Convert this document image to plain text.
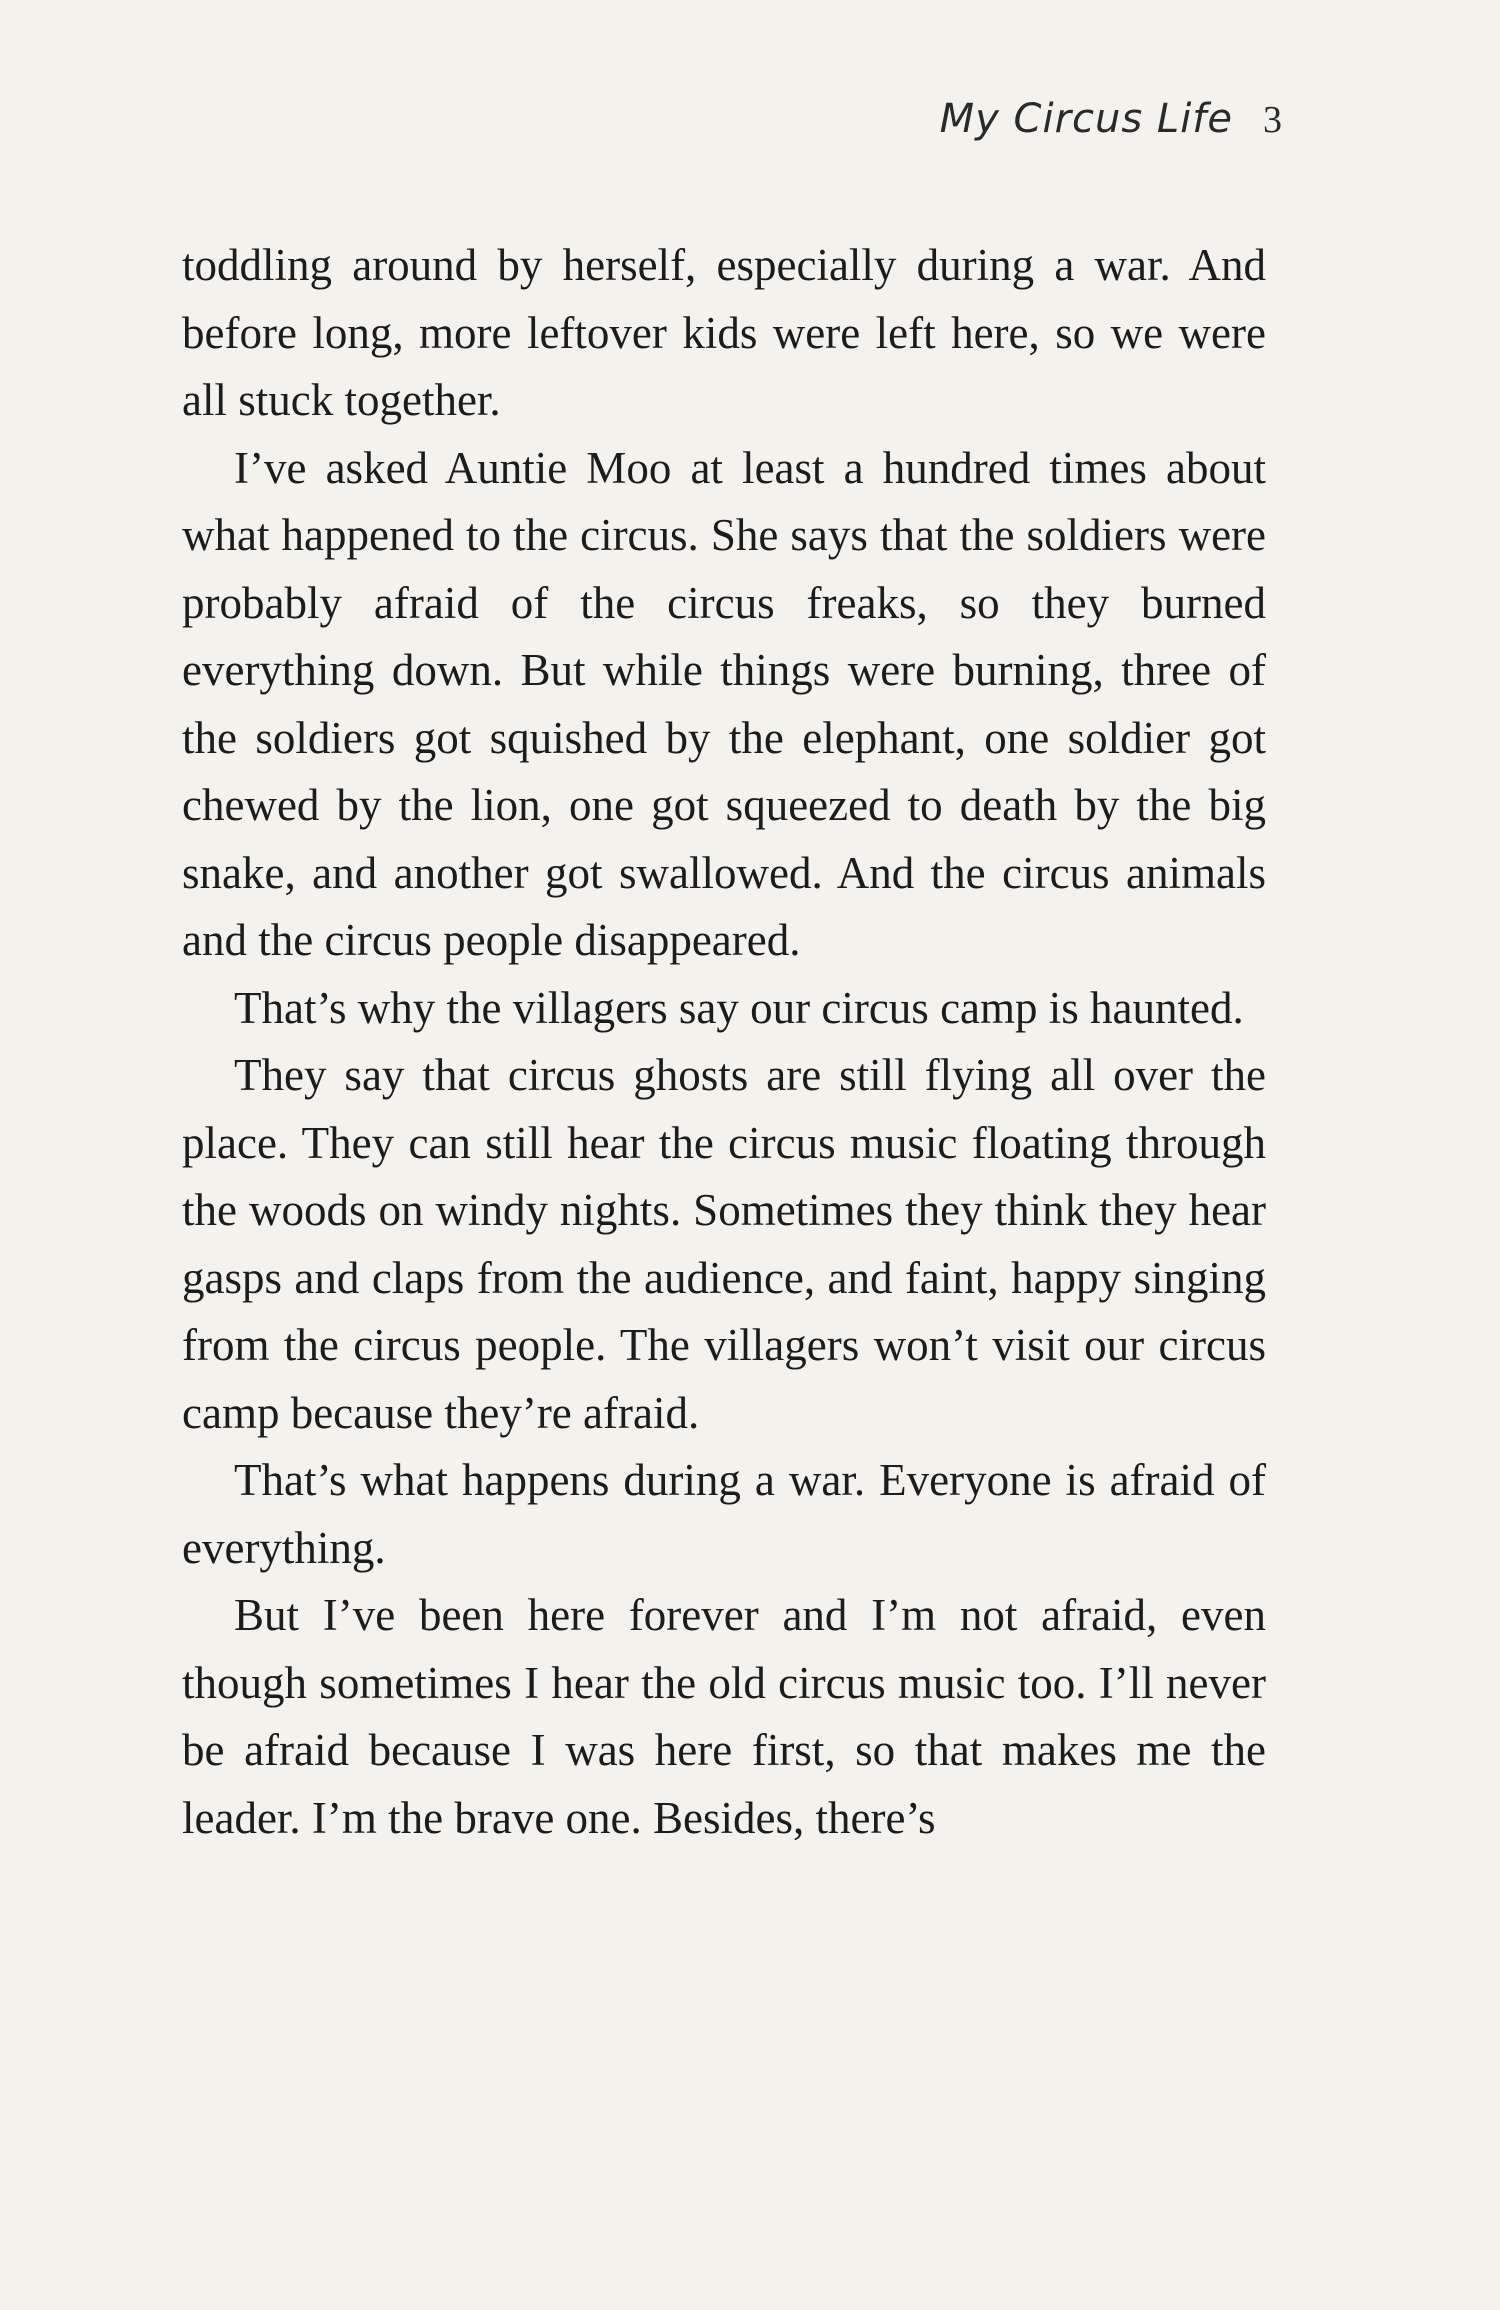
My Circus Life 3

toddling around by herself, especially during a war. And before long, more leftover kids were left here, so we were all stuck together.

I’ve asked Auntie Moo at least a hundred times about what happened to the circus. She says that the soldiers were probably afraid of the circus freaks, so they burned everything down. But while things were burning, three of the soldiers got squished by the elephant, one soldier got chewed by the lion, one got squeezed to death by the big snake, and another got swallowed. And the circus animals and the circus people disappeared.

That’s why the villagers say our circus camp is haunted.

They say that circus ghosts are still flying all over the place. They can still hear the circus music floating through the woods on windy nights. Sometimes they think they hear gasps and claps from the audience, and faint, happy singing from the circus people. The villagers won’t visit our circus camp because they’re afraid.

That’s what happens during a war. Everyone is afraid of everything.

But I’ve been here forever and I’m not afraid, even though sometimes I hear the old circus music too. I’ll never be afraid because I was here first, so that makes me the leader. I’m the brave one. Besides, there’s
